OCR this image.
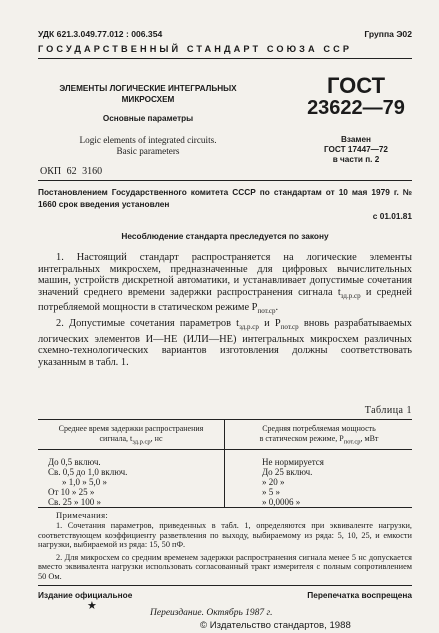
УДК 621.3.049.77.012 : 006.354	Группа Э02
ГОСУДАРСТВЕННЫЙ СТАНДАРТ СОЮЗА ССР
ЭЛЕМЕНТЫ ЛОГИЧЕСКИЕ ИНТЕГРАЛЬНЫХ
МИКРОСХЕМ
Основные параметры
Logic elements of integrated circuits.
Basic parameters
ОКП 62 3160
ГОСТ
23622—79
Взамен
ГОСТ 17447—72
в части п. 2
Постановлением Государственного комитета СССР по стандартам от 10 мая 1979 г. № 1660 срок введения установлен
с 01.01.81
Несоблюдение стандарта преследуется по закону

1. Настоящий стандарт распространяется на логические элементы интегральных микросхем, предназначенные для цифровых вычислительных машин, устройств дискретной автоматики, и устанавливает допустимые сочетания значений среднего времени задержки распространения сигнала $t_{зд.р.ср}$ и средней потребляемой мощности в статическом режиме $P_{пот.ср}$.

2. Допустимые сочетания параметров $t_{зд.р.ср}$ и $P_{пот.ср}$ вновь разрабатываемых логических элементов И—НЕ (ИЛИ—НЕ) интегральных микросхем различных схемно-технологических вариантов изготовления должны соответствовать указанным в табл. 1.

Таблица 1
Среднее время задержки распространения
сигнала, $t_{зд.р.ср}$, нс
Средняя потребляемая мощность
в статическом режиме, $P_{пот.ср}$, мВт
До 0,5 включ.	Не нормируется
Св. 0,5 до 1,0 включ.	До 25 включ.
» 1,0 » 5,0 »	» 20 »
От 10 » 25 »	» 5 »
Св. 25 » 100 »	» 0,0006 »
Примечания:

1. Сочетания параметров, приведенных в табл. 1, определяются при эквиваленте нагрузки, соответствующем коэффициенту разветвления по выходу, выбираемому из ряда: 5, 10, 25, и емкости нагрузки, выбираемой из ряда: 15, 50 пФ.

2. Для микросхем со средним временем задержки распространения сигнала менее 5 нс допускается вместо эквивалента нагрузки использовать согласованный тракт измерителя с полным сопротивлением 50 Ом.

Издание официальное	Перепечатка воспрещена
★
Переиздание. Октябрь 1987 г.
© Издательство стандартов, 1988
